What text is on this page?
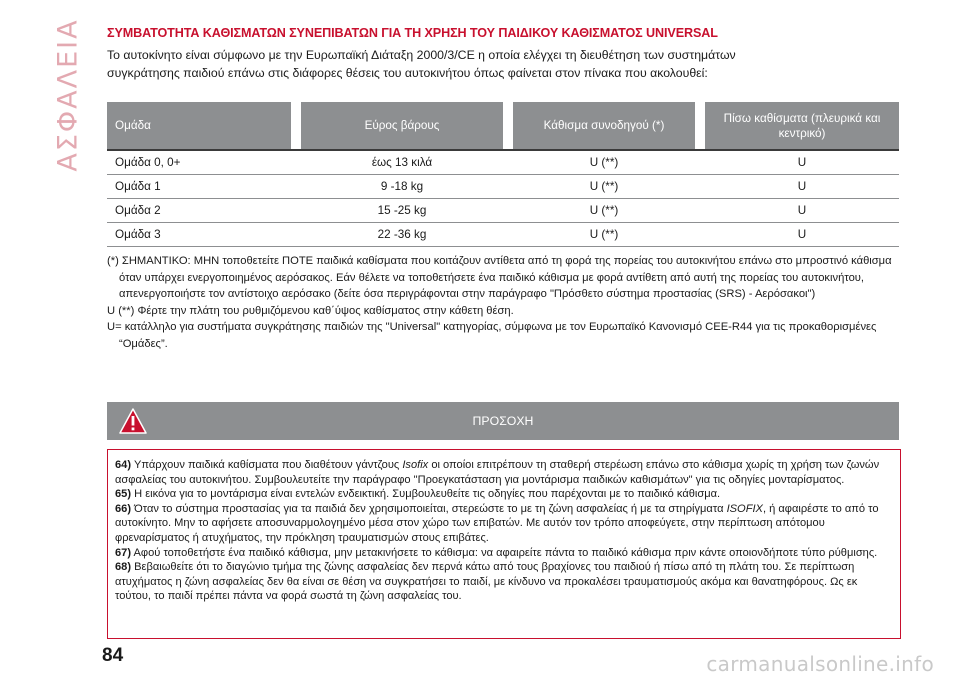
ΑΣΦΑΛΕΙΑ ΣΥΜΒΑΤΟΤΗΤΑ ΚΑΘΙΣΜΑΤΩΝ ΣΥΝΕΠΙΒΑΤΩΝ ΓΙΑ ΤΗ ΧΡΗΣΗ ΤΟΥ ΠΑΙΔΙΚΟΥ ΚΑΘΙΣΜΑΤΟΣ UNIVERSAL

Το αυτοκίνητο είναι σύμφωνο με την Ευρωπαϊκή Διάταξη 2000/3/CE η οποία ελέγχει τη διευθέτηση των συστημάτων
συγκράτησης παιδιού επάνω στις διάφορες θέσεις του αυτοκινήτου όπως φαίνεται στον πίνακα που ακολουθεί:

Ομάδα		Εύρος βάρους		Κάθισμα συνοδηγού (*)		Πίσω καθίσματα (πλευρικά και κεντρικό)
Ομάδα 0, 0+		έως 13 κιλά		U (**)		U
Ομάδα 1		9 -18 kg		U (**)		U
Ομάδα 2		15 -25 kg		U (**)		U
Ομάδα 3		22 -36 kg		U (**)		U

(*) ΣΗΜΑΝΤΙΚΟ: ΜΗΝ τοποθετείτε ΠΟΤΕ παιδικά καθίσματα που κοιτάζουν αντίθετα από τη φορά της πορείας του αυτοκινήτου επάνω στο μπροστινό κάθισμα όταν υπάρχει ενεργοποιημένος αερόσακος. Εάν θέλετε να τοποθετήσετε ένα παιδικό κάθισμα με φορά αντίθετη από αυτή της πορείας του αυτοκινήτου, απενεργοποιήστε τον αντίστοιχο αερόσακο (δείτε όσα περιγράφονται στην παράγραφο "Πρόσθετο σύστημα προστασίας (SRS) - Αερόσακοι")

U (**) Φέρτε την πλάτη του ρυθμιζόμενου καθ΄ύψος καθίσματος στην κάθετη θέση.

U= κατάλληλο για συστήματα συγκράτησης παιδιών της "Universal" κατηγορίας, σύμφωνα με τον Ευρωπαϊκό Κανονισμό CEE-R44 για τις προκαθορισμένες “Ομάδες”.

ΠΡΟΣΟΧΗ

64) Υπάρχουν παιδικά καθίσματα που διαθέτουν γάντζους Isofix οι οποίοι επιτρέπουν τη σταθερή στερέωση επάνω στο κάθισμα χωρίς τη χρήση των ζωνών ασφαλείας του αυτοκινήτου. Συμβουλευτείτε την παράγραφο "Προεγκατάσταση για μοντάρισμα παιδικών καθισμάτων" για τις οδηγίες μονταρίσματος.

65) Η εικόνα για το μοντάρισμα είναι εντελών ενδεικτική. Συμβουλευθείτε τις οδηγίες που παρέχονται με το παιδικό κάθισμα.

66) Όταν το σύστημα προστασίας για τα παιδιά δεν χρησιμοποιείται, στερεώστε το με τη ζώνη ασφαλείας ή με τα στηρίγματα ISOFIX, ή αφαιρέστε το από το αυτοκίνητο. Μην το αφήσετε αποσυναρμολογημένο μέσα στον χώρο των επιβατών. Με αυτόν τον τρόπο αποφεύγετε, στην περίπτωση απότομου φρεναρίσματος ή ατυχήματος, την πρόκληση τραυματισμών στους επιβάτες.

67) Αφού τοποθετήστε ένα παιδικό κάθισμα, μην μετακινήσετε το κάθισμα: να αφαιρείτε πάντα το παιδικό κάθισμα πριν κάντε οποιονδήποτε τύπο ρύθμισης.

68) Βεβαιωθείτε ότι το διαγώνιο τμήμα της ζώνης ασφαλείας δεν περνά κάτω από τους βραχίονες του παιδιού ή πίσω από τη πλάτη του. Σε περίπτωση ατυχήματος η ζώνη ασφαλείας δεν θα είναι σε θέση να συγκρατήσει το παιδί, με κίνδυνο να προκαλέσει τραυματισμούς ακόμα και θανατηφόρους. Ως εκ τούτου, το παιδί πρέπει πάντα να φορά σωστά τη ζώνη ασφαλείας του.

84	carmanualsonline.info
